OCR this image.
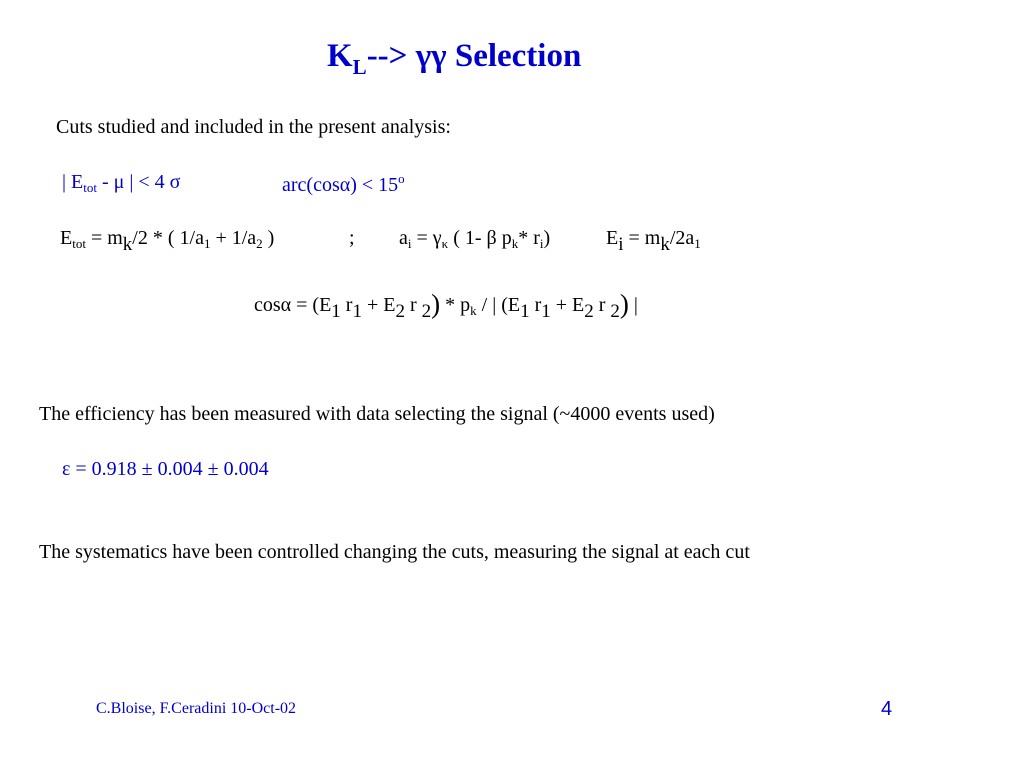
$K_L--> \gamma\gamma$ Selection
Cuts studied and included in the present analysis:
| $E_{tot}$ - μ | < 4 σ	$arc(\cos\alpha) < 15^o$
$E_{tot} = mk/2$ * ( $1/a_1 + 1/a_2$ )	; $a_i = \gamma_\kappa$ ( 1- β $p_k*$ $r_i$)	$Ei = mk/2a_1$
cosα = (E1 r1 + E2 r $2) * p_k$ / | (E1 r1 + E2 r 2) |
The efficiency has been measured with data selecting the signal (~4000 events used)
ε = 0.918 ± 0.004 ± 0.004
The systematics have been controlled changing the cuts, measuring the signal at each cut
C.Bloise, F.Ceradini 10-Oct-02	4
